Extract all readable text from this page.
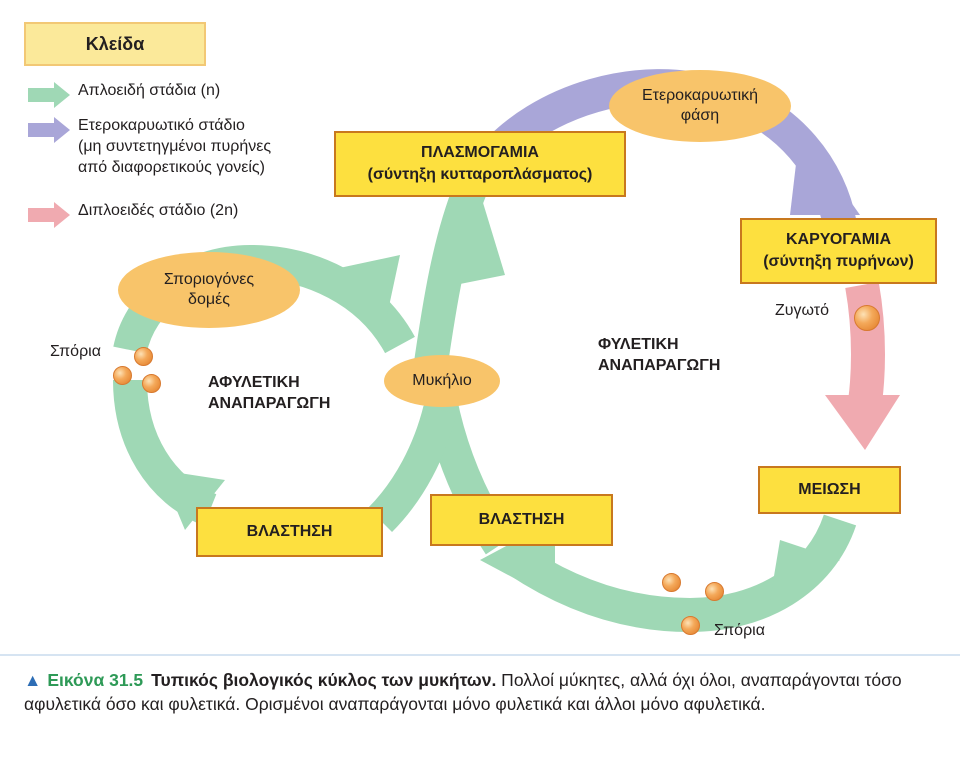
Κλείδα
Απλοειδή στάδια (n)
Ετεροκαρυωτικό στάδιο
(μη συντετηγμένοι πυρήνες
από διαφορετικούς γονείς)
Διπλοειδές στάδιο (2n)
ΠΛΑΣΜΟΓΑΜΙΑ
(σύντηξη κυτταροπλάσματος)
ΚΑΡΥΟΓΑΜΙΑ
(σύντηξη πυρήνων)
ΜΕΙΩΣΗ
ΒΛΑΣΤΗΣΗ
ΒΛΑΣΤΗΣΗ
Ετεροκαρυωτική
φάση
Σποριογόνες
δομές
Μυκήλιο
Ζυγωτό
Σπόρια
Σπόρια
ΑΦΥΛΕΤΙΚΗ
ΑΝΑΠΑΡΑΓΩΓΗ
ΦΥΛΕΤΙΚΗ
ΑΝΑΠΑΡΑΓΩΓΗ
▲ Εικόνα 31.5 Τυπικός βιολογικός κύκλος των μυκήτων. Πολλοί μύκητες, αλλά όχι όλοι, αναπαράγονται τόσο αφυλετικά όσο και φυλετικά. Ορισμένοι αναπαράγονται μόνο φυλετικά και άλλοι μόνο αφυλετικά.
